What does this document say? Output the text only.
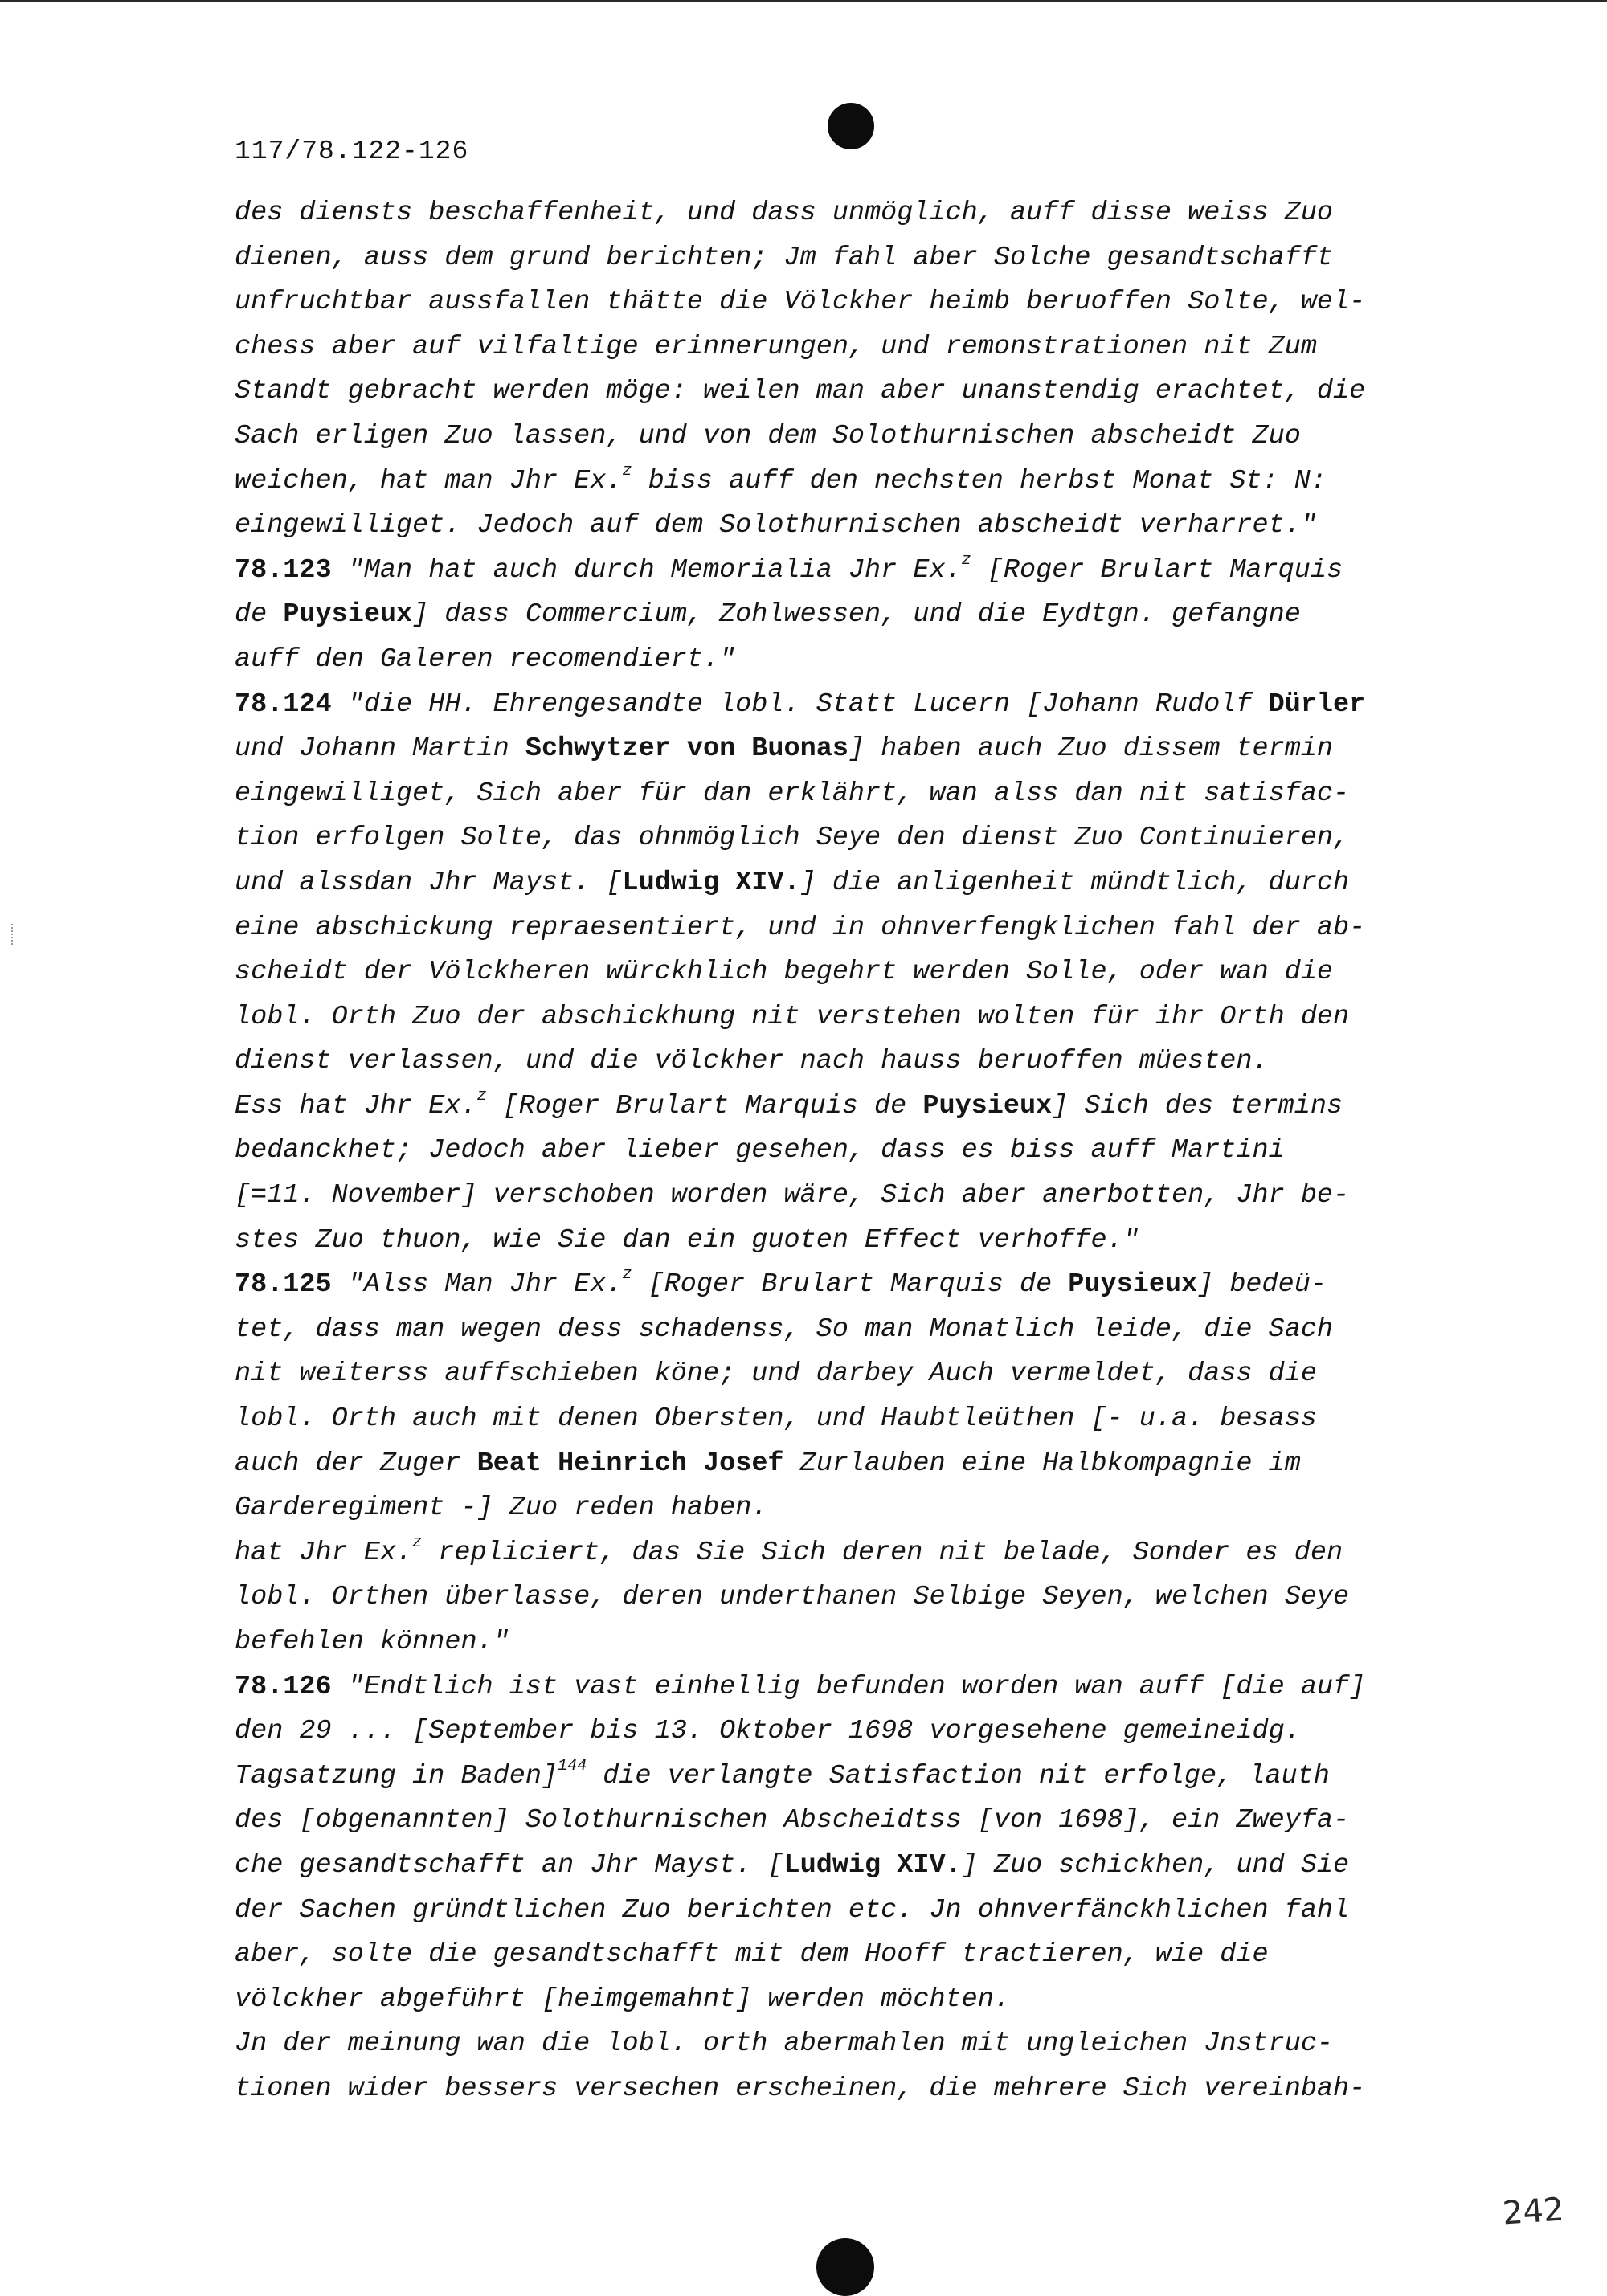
117/78.122-126
des diensts beschaffenheit, und dass unmöglich, auff disse weiss Zuo
dienen, auss dem grund berichten; Jm fahl aber Solche gesandtschafft
unfruchtbar aussfallen thätte die Völckher heimb beruoffen Solte, wel-
chess aber auf vilfaltige erinnerungen, und remonstrationen nit Zum
Standt gebracht werden möge: weilen man aber unanstendig erachtet, die
Sach erligen Zuo lassen, und von dem Solothurnischen abscheidt Zuo
weichen, hat man Jhr Ex.$^z$ biss auff den nechsten herbst Monat St: N:
eingewilliget. Jedoch auf dem Solothurnischen abscheidt verharret."
78.123 "Man hat auch durch Memorialia Jhr Ex.$^z$ [Roger Brulart Marquis
de Puysieux] dass Commercium, Zohlwessen, und die Eydtgn. gefangne
auff den Galeren recomendiert."
78.124 "die HH. Ehrengesandte lobl. Statt Lucern [Johann Rudolf Dürler
und Johann Martin Schwytzer von Buonas] haben auch Zuo dissem termin
eingewilliget, Sich aber für dan erklährt, wan alss dan nit satisfac-
tion erfolgen Solte, das ohnmöglich Seye den dienst Zuo Continuieren,
und alssdan Jhr Mayst. [Ludwig XIV.] die anligenheit mündtlich, durch
eine abschickung repraesentiert, und in ohnverfengklichen fahl der ab-
scheidt der Völckheren würckhlich begehrt werden Solle, oder wan die
lobl. Orth Zuo der abschickhung nit verstehen wolten für ihr Orth den
dienst verlassen, und die völckher nach hauss beruoffen müesten.
Ess hat Jhr Ex.$^z$ [Roger Brulart Marquis de Puysieux] Sich des termins
bedanckhet; Jedoch aber lieber gesehen, dass es biss auff Martini
[=11. November] verschoben worden wäre, Sich aber anerbotten, Jhr be-
stes Zuo thuon, wie Sie dan ein guoten Effect verhoffe."
78.125 "Alss Man Jhr Ex.$^z$ [Roger Brulart Marquis de Puysieux] bedeü-
tet, dass man wegen dess schadenss, So man Monatlich leide, die Sach
nit weiterss auffschieben köne; und darbey Auch vermeldet, dass die
lobl. Orth auch mit denen Obersten, und Haubtleüthen [- u.a. besass
auch der Zuger Beat Heinrich Josef Zurlauben eine Halbkompagnie im
Garderegiment -] Zuo reden haben.
hat Jhr Ex.$^z$ repliciert, das Sie Sich deren nit belade, Sonder es den
lobl. Orthen überlasse, deren underthanen Selbige Seyen, welchen Seye
befehlen können."
78.126 "Endtlich ist vast einhellig befunden worden wan auff [die auf]
den 29 ... [September bis 13. Oktober 1698 vorgesehene gemeineidg.
Tagsatzung in Baden]$^{144}$ die verlangte Satisfaction nit erfolge, lauth
des [obgenannten] Solothurnischen Abscheidtss [von 1698], ein Zweyfa-
che gesandtschafft an Jhr Mayst. [Ludwig XIV.] Zuo schickhen, und Sie
der Sachen gründtlichen Zuo berichten etc. Jn ohnverfänckhlichen fahl
aber, solte die gesandtschafft mit dem Hooff tractieren, wie die
völckher abgeführt [heimgemahnt] werden möchten.
Jn der meinung wan die lobl. orth abermahlen mit ungleichen Jnstruc-
tionen wider bessers versechen erscheinen, die mehrere Sich vereinbah-
242
